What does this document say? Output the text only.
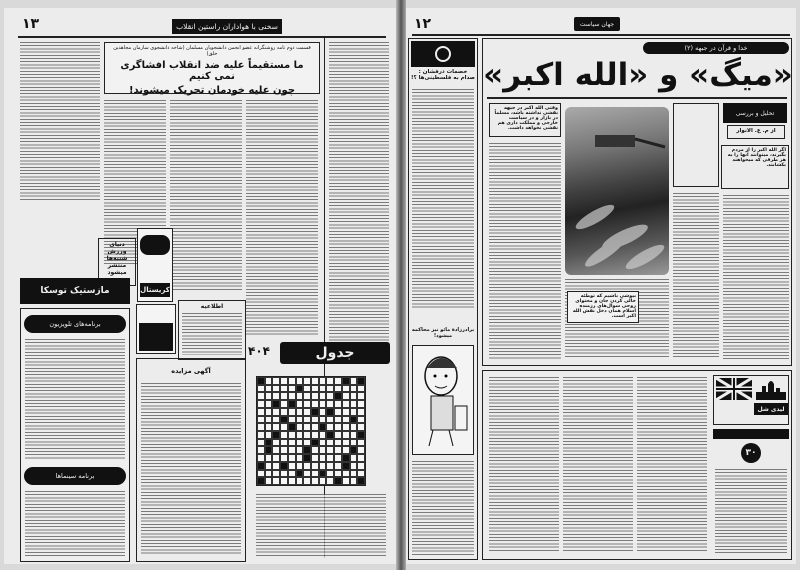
۱۳	سخنی با هواداران راستین انقلاب
قسمت دوم نامه روشنگرانه عضو انجمن دانشجویان مسلمان (شاخه دانشجوی سازمان مجاهدین خلق)
ما مستقیماً علیه ضد انقلاب افشاگری نمی کنیم
چون علیه خودمان تحریک میشوند!
دنیای ورزش شنبه‌ها منتشر میشود
کریستال
مازستیک توسکا
برنامه‌های تلویزیون
برنامه سینماها
اطلاعیه
آگهی مزایده
۴۰۴	جدول
۱۲	جهان سیاست
خصمات درفشان : صدام به فلسطینی‌ها ؟!
برادرزادهٔ مائو نیز محاکمه میشود!
خدا و قرآن در جبهه (۲)
«میگ» و «الله اکبر»
وقتی الله اکبر در جبهه نقشی نداشته باشد، مسلماً در بازار و در سیاست خارجی و مملکت داری هم نقشی نخواهد داشت.
تحلیل و بررسی
از م. ع. الانوار
اگر الله اکبر را از مردم بگیرند، میتوانند آنها را به هر طرفی که میخواهند بکشانند.
بپوشی باشیم که توطئه خالی کردن جان و محتوای روحی سوال‌های رزمنده اسلام همان دخل نقش الله اکبر است.
لیدی شل
۳۰
